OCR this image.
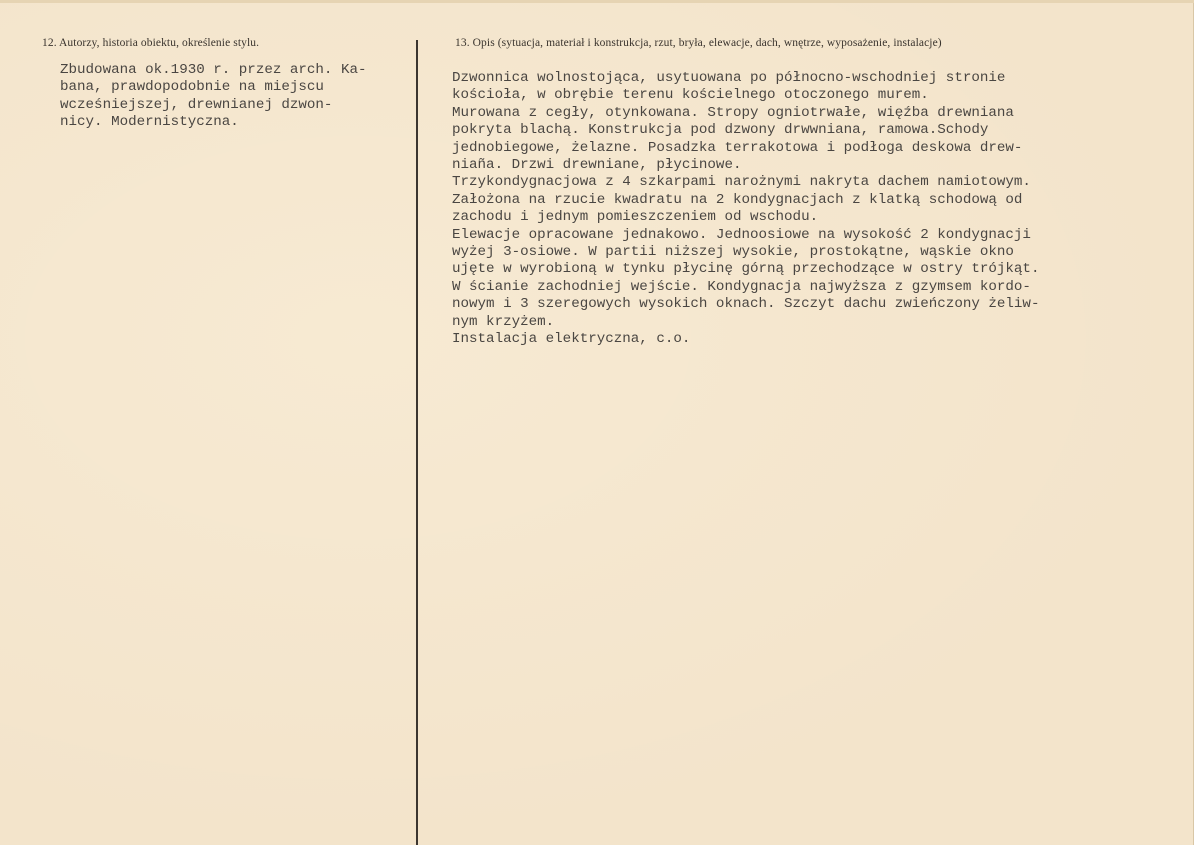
12. Autorzy, historia obiektu, określenie stylu.	13. Opis (sytuacja, materiał i konstrukcja, rzut, bryła, elewacje, dach, wnętrze, wyposażenie, instalacje)
Zbudowana ok.1930 r. przez arch. Ka-
bana, prawdopodobnie na miejscu
wcześniejszej, drewnianej dzwon-
nicy. Modernistyczna.
Dzwonnica wolnostojąca, usytuowana po północno-wschodniej stronie
kościoła, w obrębie terenu kościelnego otoczonego murem.
Murowana z cegły, otynkowana. Stropy ogniotrwałe, więźba drewniana
pokryta blachą. Konstrukcja pod dzwony drwwniana, ramowa.Schody
jednobiegowe, żelazne. Posadzka terrakotowa i podłoga deskowa drew-
niaña. Drzwi drewniane, płycinowe.
Trzykondygnacjowa z 4 szkarpami narożnymi nakryta dachem namiotowym.
Założona na rzucie kwadratu na 2 kondygnacjach z klatką schodową od
zachodu i jednym pomieszczeniem od wschodu.
Elewacje opracowane jednakowo. Jednoosiowe na wysokość 2 kondygnacji
wyżej 3-osiowe. W partii niższej wysokie, prostokątne, wąskie okno
ujęte w wyrobioną w tynku płycinę górną przechodzące w ostry trójkąt.
W ścianie zachodniej wejście. Kondygnacja najwyższa z gzymsem kordo-
nowym i 3 szeregowych wysokich oknach. Szczyt dachu zwieńczony żeliw-
nym krzyżem.
Instalacja elektryczna, c.o.
